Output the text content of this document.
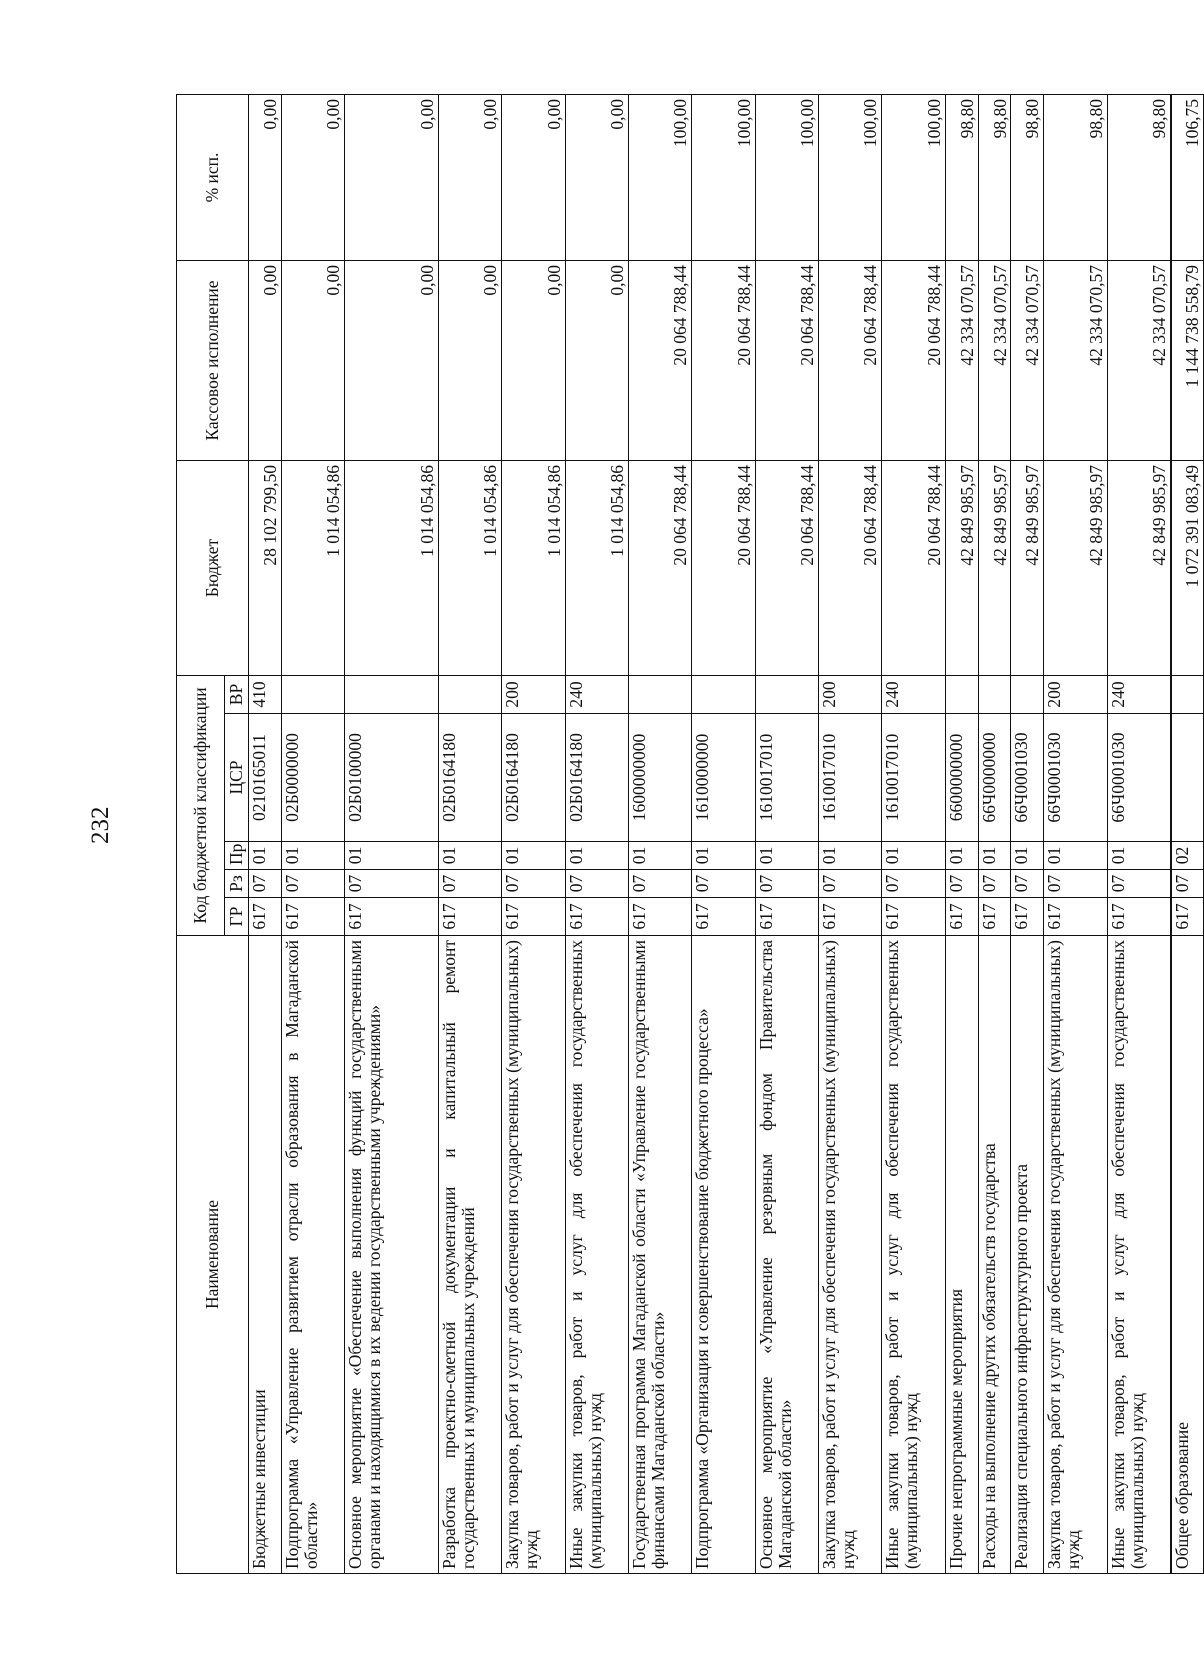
232
Наименование	Код бюджетной классификации					Бюджет	Кассовое исполнение	% исп.
	ГР	Рз	Пр	ЦСР	ВР			
Бюджетные инвестиции	617	07	01	0210165011	410	28 102 799,50	0,00	0,00
Подпрограмма «Управление развитием отрасли образования в Магаданской области»	617	07	01	02Б0000000		1 014 054,86	0,00	0,00
Основное мероприятие «Обеспечение выполнения функций государственными органами и находящимися в их ведении государственными учреждениями»	617	07	01	02Б0100000		1 014 054,86	0,00	0,00
Разработка проектно-сметной документации и капитальный ремонт государственных и муниципальных учреждений	617	07	01	02Б0164180		1 014 054,86	0,00	0,00
Закупка товаров, работ и услуг для обеспечения государственных (муниципальных) нужд	617	07	01	02Б0164180	200	1 014 054,86	0,00	0,00
Иные закупки товаров, работ и услуг для обеспечения государственных (муниципальных) нужд	617	07	01	02Б0164180	240	1 014 054,86	0,00	0,00
Государственная программа Магаданской области «Управление государственными финансами Магаданской области»	617	07	01	1600000000		20 064 788,44	20 064 788,44	100,00
Подпрограмма «Организация и совершенствование бюджетного процесса»	617	07	01	1610000000		20 064 788,44	20 064 788,44	100,00
Основное мероприятие «Управление резервным фондом Правительства Магаданской области»	617	07	01	1610017010		20 064 788,44	20 064 788,44	100,00
Закупка товаров, работ и услуг для обеспечения государственных (муниципальных) нужд	617	07	01	1610017010	200	20 064 788,44	20 064 788,44	100,00
Иные закупки товаров, работ и услуг для обеспечения государственных (муниципальных) нужд	617	07	01	1610017010	240	20 064 788,44	20 064 788,44	100,00
Прочие непрограммные мероприятия	617	07	01	6600000000		42 849 985,97	42 334 070,57	98,80
Расходы на выполнение других обязательств государства	617	07	01	66Ч0000000		42 849 985,97	42 334 070,57	98,80
Реализация специального инфраструктурного проекта	617	07	01	66Ч0001030		42 849 985,97	42 334 070,57	98,80
Закупка товаров, работ и услуг для обеспечения государственных (муниципальных) нужд	617	07	01	66Ч0001030	200	42 849 985,97	42 334 070,57	98,80
Иные закупки товаров, работ и услуг для обеспечения государственных (муниципальных) нужд	617	07	01	66Ч0001030	240	42 849 985,97	42 334 070,57	98,80
Общее образование	617	07	02			1 072 391 083,49	1 144 738 558,79	106,75
